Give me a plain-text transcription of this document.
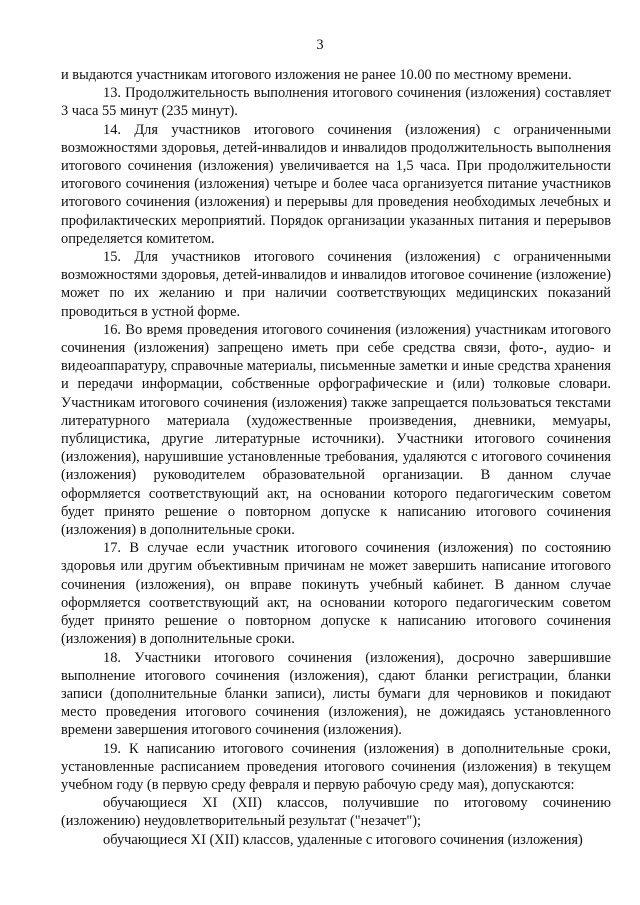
3

и выдаются участникам итогового изложения не ранее 10.00 по местному времени.

13. Продолжительность выполнения итогового сочинения (изложения) составляет 3 часа 55 минут (235 минут).

14. Для участников итогового сочинения (изложения) с ограниченными возможностями здоровья, детей-инвалидов и инвалидов продолжительность выполнения итогового сочинения (изложения) увеличивается на 1,5 часа. При продолжительности итогового сочинения (изложения) четыре и более часа организуется питание участников итогового сочинения (изложения) и перерывы для проведения необходимых лечебных и профилактических мероприятий. Порядок организации указанных питания и перерывов определяется комитетом.

15. Для участников итогового сочинения (изложения) с ограниченными возможностями здоровья, детей-инвалидов и инвалидов итоговое сочинение (изложение) может по их желанию и при наличии соответствующих медицинских показаний проводиться в устной форме.

16. Во время проведения итогового сочинения (изложения) участникам итогового сочинения (изложения) запрещено иметь при себе средства связи, фото-, аудио- и видеоаппаратуру, справочные материалы, письменные заметки и иные средства хранения и передачи информации, собственные орфографические и (или) толковые словари. Участникам итогового сочинения (изложения) также запрещается пользоваться текстами литературного материала (художественные произведения, дневники, мемуары, публицистика, другие литературные источники). Участники итогового сочинения (изложения), нарушившие установленные требования, удаляются с итогового сочинения (изложения) руководителем образовательной организации. В данном случае оформляется соответствующий акт, на основании которого педагогическим советом будет принято решение о повторном допуске к написанию итогового сочинения (изложения) в дополнительные сроки.

17. В случае если участник итогового сочинения (изложения) по состоянию здоровья или другим объективным причинам не может завершить написание итогового сочинения (изложения), он вправе покинуть учебный кабинет. В данном случае оформляется соответствующий акт, на основании которого педагогическим советом будет принято решение о повторном допуске к написанию итогового сочинения (изложения) в дополнительные сроки.

18. Участники итогового сочинения (изложения), досрочно завершившие выполнение итогового сочинения (изложения), сдают бланки регистрации, бланки записи (дополнительные бланки записи), листы бумаги для черновиков и покидают место проведения итогового сочинения (изложения), не дожидаясь установленного времени завершения итогового сочинения (изложения).

19. К написанию итогового сочинения (изложения) в дополнительные сроки, установленные расписанием проведения итогового сочинения (изложения) в текущем учебном году (в первую среду февраля и первую рабочую среду мая), допускаются:

обучающиеся XI (XII) классов, получившие по итоговому сочинению (изложению) неудовлетворительный результат ("незачет");

обучающиеся XI (XII) классов, удаленные с итогового сочинения (изложения)
